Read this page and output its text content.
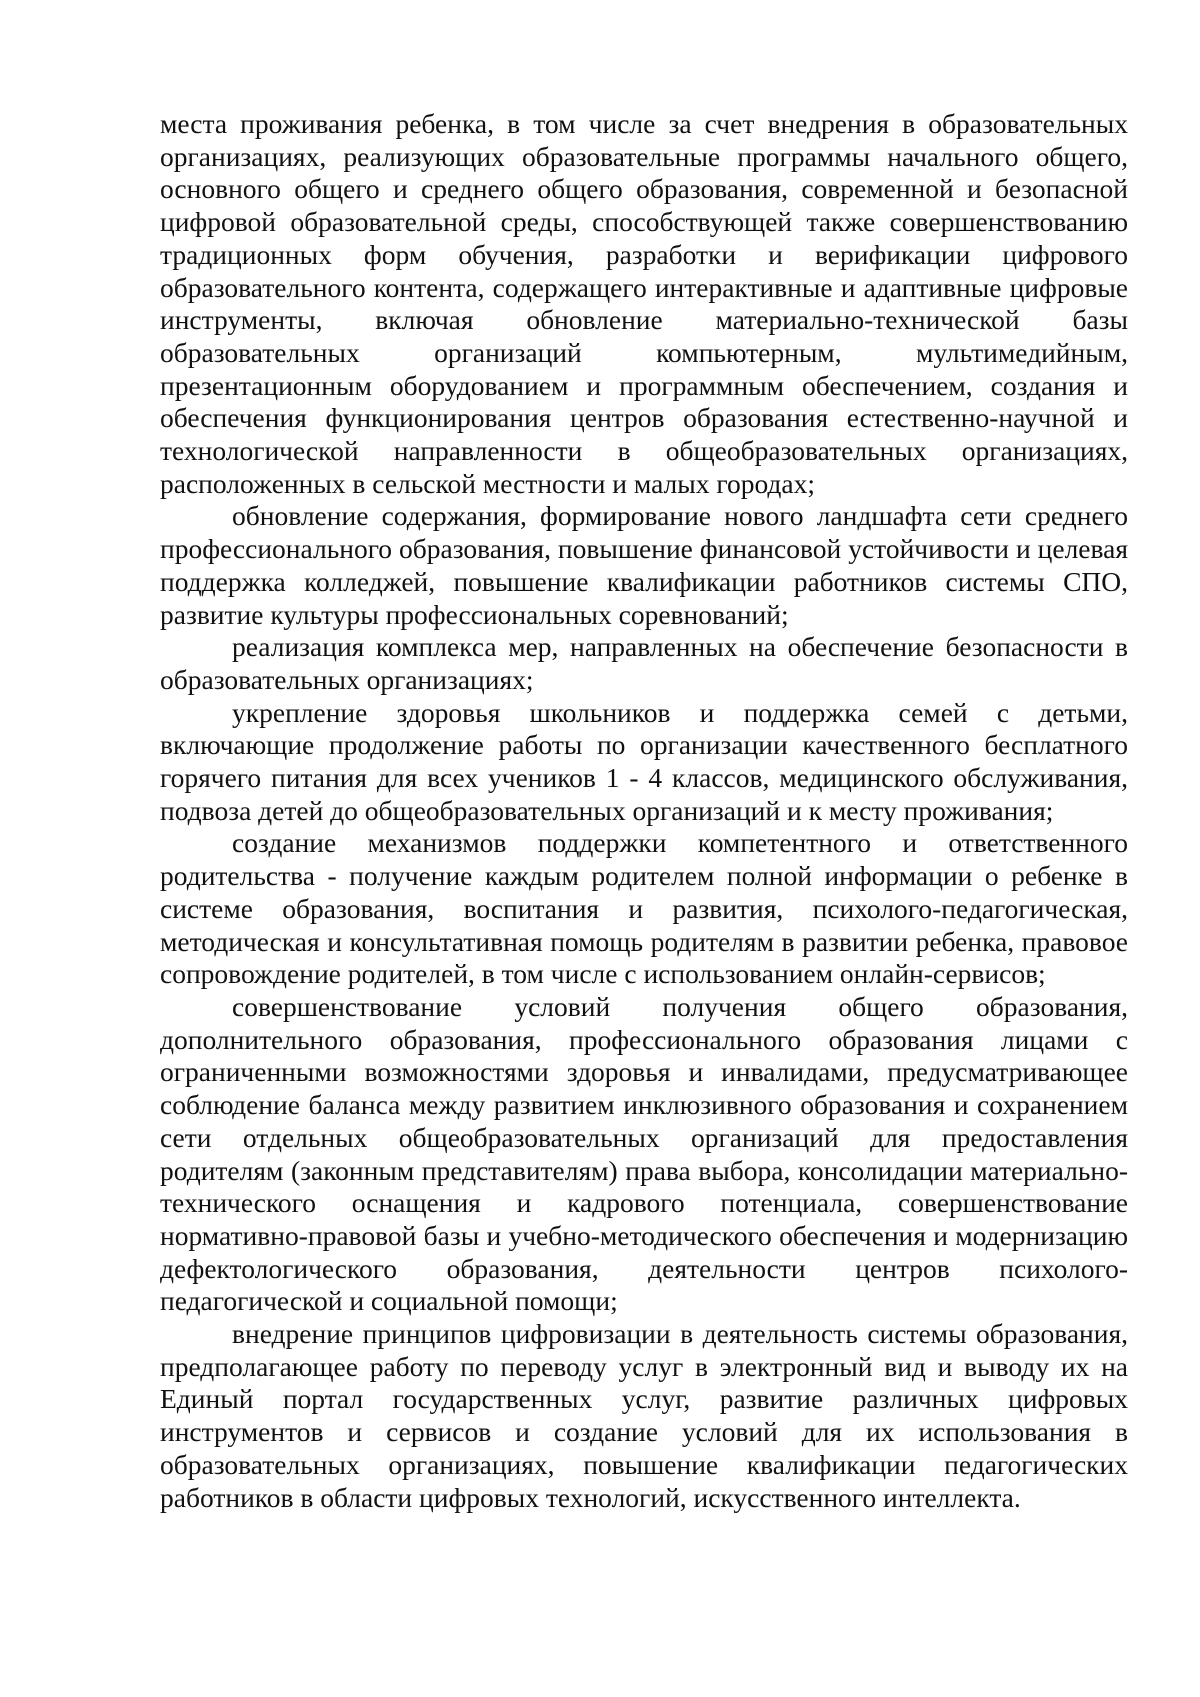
места проживания ребенка, в том числе за счет внедрения в образовательных организациях, реализующих образовательные программы начального общего, основного общего и среднего общего образования, современной и безопасной цифровой образовательной среды, способствующей также совершенствованию традиционных форм обучения, разработки и верификации цифрового образовательного контента, содержащего интерактивные и адаптивные цифровые инструменты, включая обновление материально-технической базы образовательных организаций компьютерным, мультимедийным, презентационным оборудованием и программным обеспечением, создания и обеспечения функционирования центров образования естественно-научной и технологической направленности в общеобразовательных организациях, расположенных в сельской местности и малых городах;

обновление содержания, формирование нового ландшафта сети среднего профессионального образования, повышение финансовой устойчивости и целевая поддержка колледжей, повышение квалификации работников системы СПО, развитие культуры профессиональных соревнований;

реализация комплекса мер, направленных на обеспечение безопасности в образовательных организациях;

укрепление здоровья школьников и поддержка семей с детьми, включающие продолжение работы по организации качественного бесплатного горячего питания для всех учеников 1 - 4 классов, медицинского обслуживания, подвоза детей до общеобразовательных организаций и к месту проживания;

создание механизмов поддержки компетентного и ответственного родительства - получение каждым родителем полной информации о ребенке в системе образования, воспитания и развития, психолого-педагогическая, методическая и консультативная помощь родителям в развитии ребенка, правовое сопровождение родителей, в том числе с использованием онлайн-сервисов;

совершенствование условий получения общего образования, дополнительного образования, профессионального образования лицами с ограниченными возможностями здоровья и инвалидами, предусматривающее соблюдение баланса между развитием инклюзивного образования и сохранением сети отдельных общеобразовательных организаций для предоставления родителям (законным представителям) права выбора, консолидации материально-технического оснащения и кадрового потенциала, совершенствование нормативно-правовой базы и учебно-методического обеспечения и модернизацию дефектологического образования, деятельности центров психолого-педагогической и социальной помощи;

внедрение принципов цифровизации в деятельность системы образования, предполагающее работу по переводу услуг в электронный вид и выводу их на Единый портал государственных услуг, развитие различных цифровых инструментов и сервисов и создание условий для их использования в образовательных организациях, повышение квалификации педагогических работников в области цифровых технологий, искусственного интеллекта.
